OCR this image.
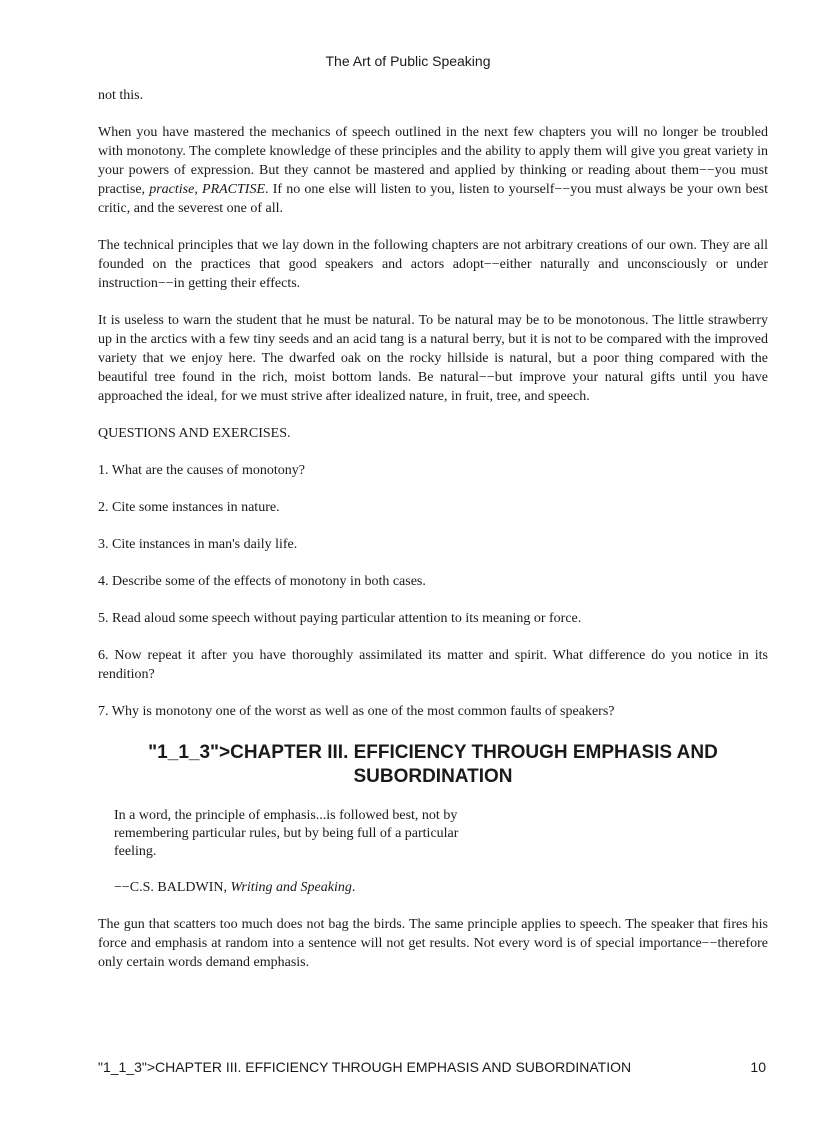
The Art of Public Speaking

not this.

When you have mastered the mechanics of speech outlined in the next few chapters you will no longer be troubled with monotony. The complete knowledge of these principles and the ability to apply them will give you great variety in your powers of expression. But they cannot be mastered and applied by thinking or reading about them−−you must practise, practise, PRACTISE. If no one else will listen to you, listen to yourself−−you must always be your own best critic, and the severest one of all.

The technical principles that we lay down in the following chapters are not arbitrary creations of our own. They are all founded on the practices that good speakers and actors adopt−−either naturally and unconsciously or under instruction−−in getting their effects.

It is useless to warn the student that he must be natural. To be natural may be to be monotonous. The little strawberry up in the arctics with a few tiny seeds and an acid tang is a natural berry, but it is not to be compared with the improved variety that we enjoy here. The dwarfed oak on the rocky hillside is natural, but a poor thing compared with the beautiful tree found in the rich, moist bottom lands. Be natural−−but improve your natural gifts until you have approached the ideal, for we must strive after idealized nature, in fruit, tree, and speech.

QUESTIONS AND EXERCISES.

1. What are the causes of monotony?

2. Cite some instances in nature.

3. Cite instances in man's daily life.

4. Describe some of the effects of monotony in both cases.

5. Read aloud some speech without paying particular attention to its meaning or force.

6. Now repeat it after you have thoroughly assimilated its matter and spirit. What difference do you notice in its rendition?

7. Why is monotony one of the worst as well as one of the most common faults of speakers?

"1_1_3">CHAPTER III. EFFICIENCY THROUGH EMPHASIS AND SUBORDINATION

In a word, the principle of emphasis...is followed best, not by remembering particular rules, but by being full of a particular feeling.

−−C.S. BALDWIN, Writing and Speaking.

The gun that scatters too much does not bag the birds. The same principle applies to speech. The speaker that fires his force and emphasis at random into a sentence will not get results. Not every word is of special importance−−therefore only certain words demand emphasis.

"1_1_3">CHAPTER III. EFFICIENCY THROUGH EMPHASIS AND SUBORDINATION	10
